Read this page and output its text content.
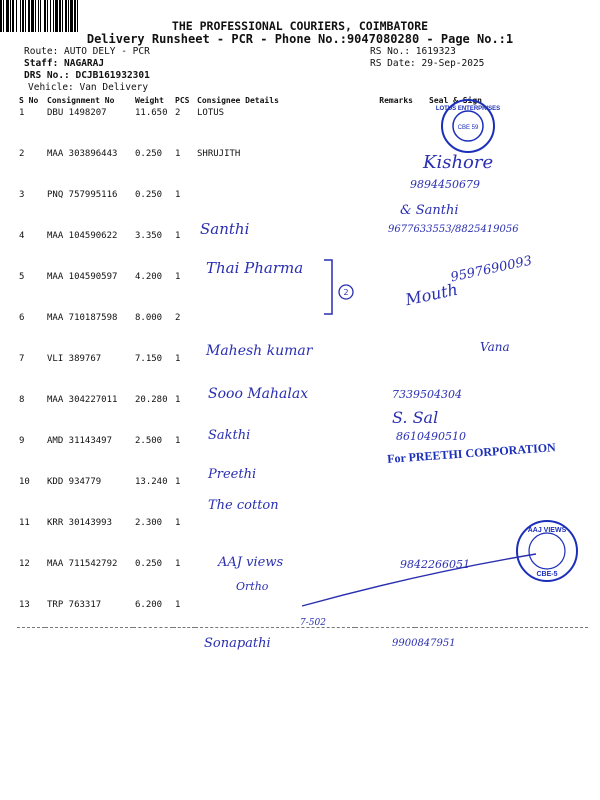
THE PROFESSIONAL COURIERS, COIMBATORE
Delivery Runsheet - PCR - Phone No.:9047080280 - Page No.:1
Route: AUTO DELY - PCR
Staff: NAGARAJ
DRS No.: DCJB161932301
Vehicle: Van Delivery
RS No.: 1619323
RS Date: 29-Sep-2025
S No	Consignment No	Weight	PCS	Consignee Details	Remarks	Seal & Sign
1	DBU 1498207	11.650	2	LOTUS		
2	MAA 303896443	0.250	1	SHRUJITH		
3	PNQ 757995116	0.250	1			
4	MAA 104590622	3.350	1			
5	MAA 104590597	4.200	1			
6	MAA 710187598	8.000	2			
7	VLI 389767	7.150	1			
8	MAA 304227011	20.280	1			
9	AMD 31143497	2.500	1			
10	KDD 934779	13.240	1			
11	KRR 30143993	2.300	1			
12	MAA 711542792	0.250	1			
13	TRP 763317	6.200	1			
LOTUS ENTERPRISES
CBE 59
For PREETHI CORPORATION
AAJ VIEWS
CBE-5
2
Kishore
9894450679
Santhi
& Santhi
9677633553/8825419056
Thai Pharma
Mouth
9597690093
Mahesh kumar	Vana
Sooo Mahalax	7339504304
Sakthi
S. Sal
8610490510
Preethi
The cotton
AAJ views	9842266051
Ortho
Sonapathi	9900847951
7-502
